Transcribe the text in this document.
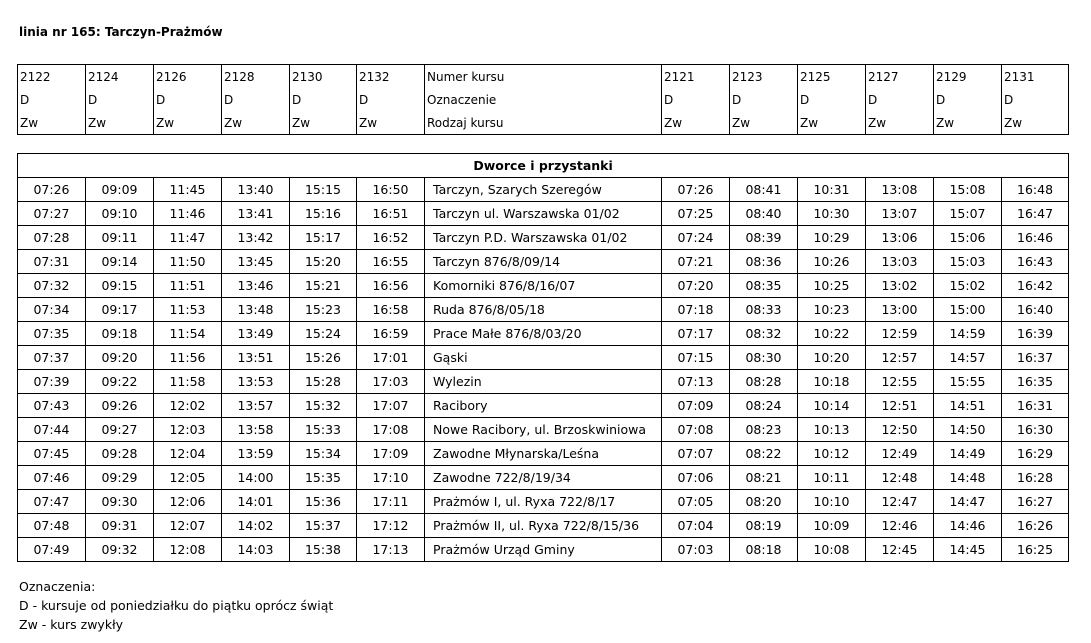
linia nr 165: Tarczyn-Prażmów
2122	2124	2126	2128	2130	2132	Numer kursu	2121	2123	2125	2127	2129	2131
D	D	D	D	D	D	Oznaczenie	D	D	D	D	D	D
Zw	Zw	Zw	Zw	Zw	Zw	Rodzaj kursu	Zw	Zw	Zw	Zw	Zw	Zw
Dworce i przystanki												
07:26	09:09	11:45	13:40	15:15	16:50	Tarczyn, Szarych Szeregów	07:26	08:41	10:31	13:08	15:08	16:48
07:27	09:10	11:46	13:41	15:16	16:51	Tarczyn ul. Warszawska 01/02	07:25	08:40	10:30	13:07	15:07	16:47
07:28	09:11	11:47	13:42	15:17	16:52	Tarczyn P.D. Warszawska 01/02	07:24	08:39	10:29	13:06	15:06	16:46
07:31	09:14	11:50	13:45	15:20	16:55	Tarczyn 876/8/09/14	07:21	08:36	10:26	13:03	15:03	16:43
07:32	09:15	11:51	13:46	15:21	16:56	Komorniki 876/8/16/07	07:20	08:35	10:25	13:02	15:02	16:42
07:34	09:17	11:53	13:48	15:23	16:58	Ruda 876/8/05/18	07:18	08:33	10:23	13:00	15:00	16:40
07:35	09:18	11:54	13:49	15:24	16:59	Prace Małe 876/8/03/20	07:17	08:32	10:22	12:59	14:59	16:39
07:37	09:20	11:56	13:51	15:26	17:01	Gąski	07:15	08:30	10:20	12:57	14:57	16:37
07:39	09:22	11:58	13:53	15:28	17:03	Wylezin	07:13	08:28	10:18	12:55	15:55	16:35
07:43	09:26	12:02	13:57	15:32	17:07	Racibory	07:09	08:24	10:14	12:51	14:51	16:31
07:44	09:27	12:03	13:58	15:33	17:08	Nowe Racibory, ul. Brzoskwiniowa	07:08	08:23	10:13	12:50	14:50	16:30
07:45	09:28	12:04	13:59	15:34	17:09	Zawodne Młynarska/Leśna	07:07	08:22	10:12	12:49	14:49	16:29
07:46	09:29	12:05	14:00	15:35	17:10	Zawodne 722/8/19/34	07:06	08:21	10:11	12:48	14:48	16:28
07:47	09:30	12:06	14:01	15:36	17:11	Prażmów I, ul. Ryxa 722/8/17	07:05	08:20	10:10	12:47	14:47	16:27
07:48	09:31	12:07	14:02	15:37	17:12	Prażmów II, ul. Ryxa 722/8/15/36	07:04	08:19	10:09	12:46	14:46	16:26
07:49	09:32	12:08	14:03	15:38	17:13	Prażmów Urząd Gminy	07:03	08:18	10:08	12:45	14:45	16:25
Oznaczenia:
D - kursuje od poniedziałku do piątku oprócz świąt
Zw - kurs zwykły
